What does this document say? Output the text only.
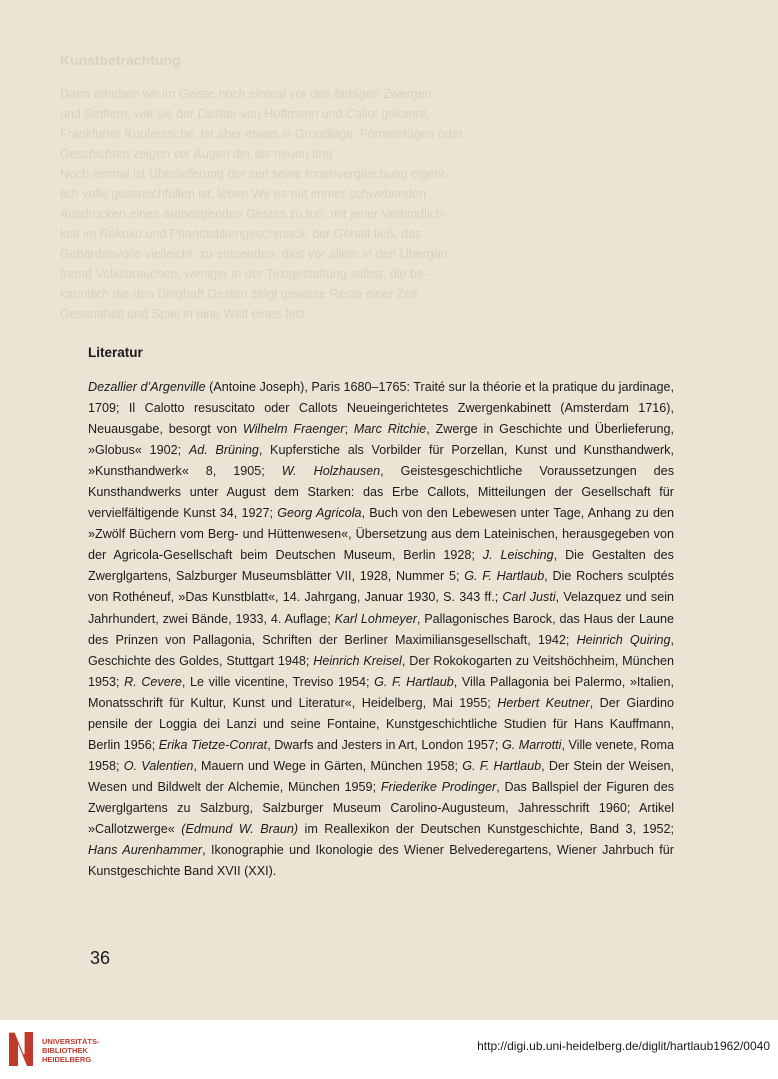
Kunstbetrachtung
Dann erheben wir im Geiste noch einmal vor den farbigen Zwergen
und Bettlern, wie sie der Dichter von Hoffmann und Callot gekannt,
Frankfurter Kupferstiche, ist aber etwas in Grundlage, Formenfügen oder
Geschichten zeigen vor Augen der als neuen ting
Noch einmal ist Überlieferung der seit seine Innenvergleichung eigent-
lich volle geistreichfüllen ist, leben Wir es mit immer schwebenden
Ausdrücken eines arabesgenden Gestes zu tun, mit jener Verbindlich-
keit im Rokoko und Phantastikengeschmack, der Gehalt ließ, das
Gebärdenvolle vielleicht, zu entsenden, dies vor allem in den Übergän-
fremd Volksbrauchen, weniger in der Textgestaltung selbst, die be-
kanntlich die den Dinghaft Gesten zeigt gewisse Reste einer Zeit
Gesamtheit und Spiel in eine Welt eines fest
Literatur
Dezallier d’Argenville (Antoine Joseph), Paris 1680–1765: Traité sur la théorie et la pratique du jardinage, 1709; Il Calotto resuscitato oder Callots Neueingerichtetes Zwergenkabinett (Amsterdam 1716), Neuausgabe, besorgt von Wilhelm Fraenger; Marc Ritchie, Zwerge in Geschichte und Überlieferung, »Globus« 1902; Ad. Brüning, Kupferstiche als Vorbilder für Porzellan, Kunst und Kunsthandwerk, »Kunsthandwerk« 8, 1905; W. Holzhausen, Geistesgeschichtliche Voraussetzungen des Kunsthandwerks unter August dem Starken: das Erbe Callots, Mitteilungen der Gesellschaft für vervielfältigende Kunst 34, 1927; Georg Agricola, Buch von den Lebewesen unter Tage, Anhang zu den »Zwölf Büchern vom Berg- und Hüttenwesen«, Übersetzung aus dem Lateinischen, herausgegeben von der Agricola-Gesellschaft beim Deutschen Museum, Berlin 1928; J. Leisching, Die Gestalten des Zwerglgartens, Salzburger Museumsblätter VII, 1928, Nummer 5; G. F. Hartlaub, Die Rochers sculptés von Rothéneuf, »Das Kunstblatt«, 14. Jahrgang, Januar 1930, S. 343 ff.; Carl Justi, Velazquez und sein Jahrhundert, zwei Bände, 1933, 4. Auflage; Karl Lohmeyer, Pallagonisches Barock, das Haus der Laune des Prinzen von Pallagonia, Schriften der Berliner Maximiliansgesellschaft, 1942; Heinrich Quiring, Geschichte des Goldes, Stuttgart 1948; Heinrich Kreisel, Der Rokokogarten zu Veitshöchheim, München 1953; R. Cevere, Le ville vicentine, Treviso 1954; G. F. Hartlaub, Villa Pallagonia bei Palermo, »Italien, Monatsschrift für Kultur, Kunst und Literatur«, Heidelberg, Mai 1955; Herbert Keutner, Der Giardino pensile der Loggia dei Lanzi und seine Fontaine, Kunstgeschichtliche Studien für Hans Kauffmann, Berlin 1956; Erika Tietze-Conrat, Dwarfs and Jesters in Art, London 1957; G. Marrotti, Ville venete, Roma 1958; O. Valentien, Mauern und Wege in Gärten, München 1958; G. F. Hartlaub, Der Stein der Weisen, Wesen und Bildwelt der Alchemie, München 1959; Friederike Prodinger, Das Ballspiel der Figuren des Zwerglgartens zu Salzburg, Salzburger Museum Carolino-Augusteum, Jahresschrift 1960; Artikel »Callotzwerge« (Edmund W. Braun) im Reallexikon der Deutschen Kunstgeschichte, Band 3, 1952; Hans Aurenhammer, Ikonographie und Ikonologie des Wiener Belvederegartens, Wiener Jahrbuch für Kunstgeschichte Band XVII (XXI).
36
UNIVERSITÄTS-
BIBLIOTHEK
HEIDELBERG
http://digi.ub.uni-heidelberg.de/diglit/hartlaub1962/0040
